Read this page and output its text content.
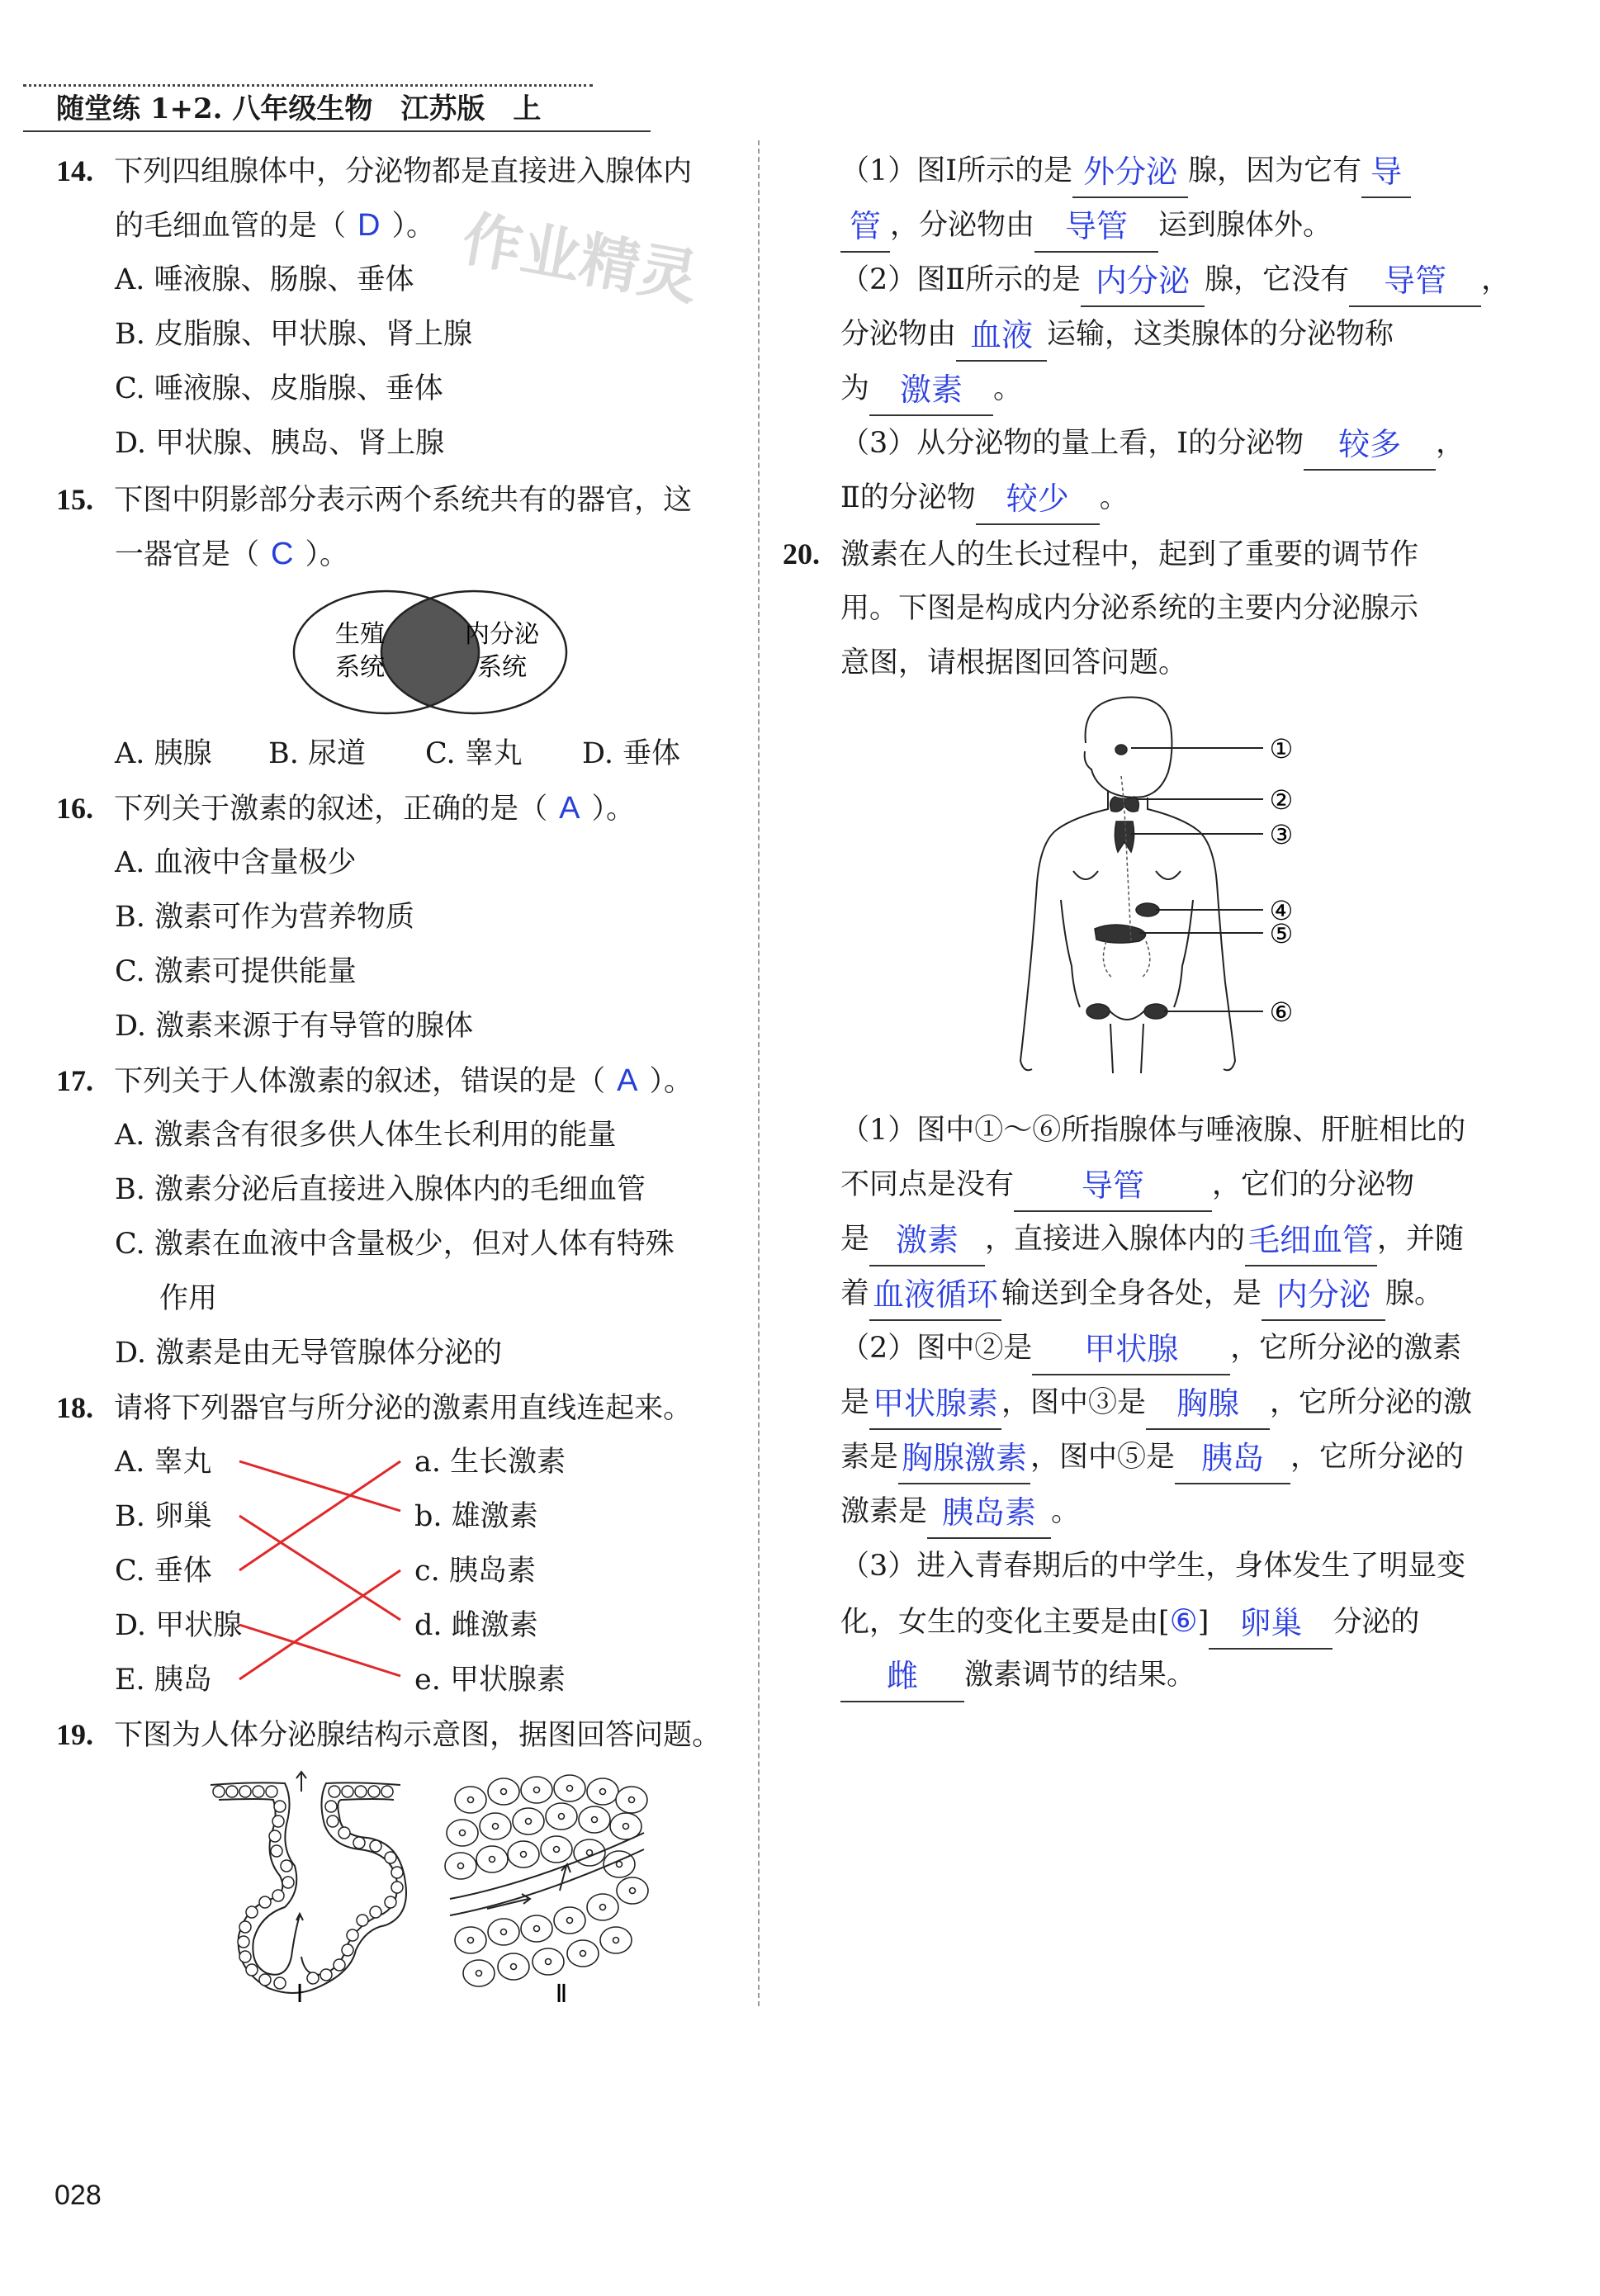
随堂练 1+2. 八年级生物　江苏版　上
作业精灵
14. 下列四组腺体中，分泌物都是直接进入腺体内
的毛细血管的是（ D ）。
A. 唾液腺、肠腺、垂体
B. 皮脂腺、甲状腺、肾上腺
C. 唾液腺、皮脂腺、垂体
D. 甲状腺、胰岛、肾上腺
15. 下图中阴影部分表示两个系统共有的器官，这
一器官是（ C ）。
生殖
系统
内分泌
系统
A. 胰腺 B. 尿道 C. 睾丸 D. 垂体
16. 下列关于激素的叙述，正确的是（ A ）。
A. 血液中含量极少
B. 激素可作为营养物质
C. 激素可提供能量
D. 激素来源于有导管的腺体
17. 下列关于人体激素的叙述，错误的是（ A ）。
A. 激素含有很多供人体生长利用的能量
B. 激素分泌后直接进入腺体内的毛细血管
C. 激素在血液中含量极少，但对人体有特殊
作用
D. 激素是由无导管腺体分泌的
18. 请将下列器官与所分泌的激素用直线连起来。
A. 睾丸
B. 卵巢
C. 垂体
D. 甲状腺
E. 胰岛
a. 生长激素
b. 雄激素
c. 胰岛素
d. 雌激素
e. 甲状腺素
19. 下图为人体分泌腺结构示意图，据图回答问题。
Ⅰ	Ⅱ
（1）图Ⅰ所示的是 外分泌 腺，因为它有 导
管 ，分泌物由 导管 运到腺体外。
（2）图Ⅱ所示的是 内分泌 腺，它没有 导管 ，
分泌物由 血液 运输，这类腺体的分泌物称
为 激素 。
（3）从分泌物的量上看，Ⅰ的分泌物 较多 ，
Ⅱ的分泌物 较少 。
20. 激素在人的生长过程中，起到了重要的调节作
用。下图是构成内分泌系统的主要内分泌腺示
意图，请根据图回答问题。
①
②
③
④
⑤
⑥
（1）图中①～⑥所指腺体与唾液腺、肝脏相比的
不同点是没有 导管 ，它们的分泌物
是 激素 ，直接进入腺体内的 毛细血管 ，并随
着 血液循环 输送到全身各处，是 内分泌 腺。
（2）图中②是 甲状腺 ，它所分泌的激素
是 甲状腺素 ，图中③是 胸腺 ，它所分泌的激
素是 胸腺激素 ，图中⑤是 胰岛 ，它所分泌的
激素是 胰岛素 。
（3）进入青春期后的中学生，身体发生了明显变
化，女生的变化主要是由[⑥] 卵巢 分泌的
雌 激素调节的结果。
028
